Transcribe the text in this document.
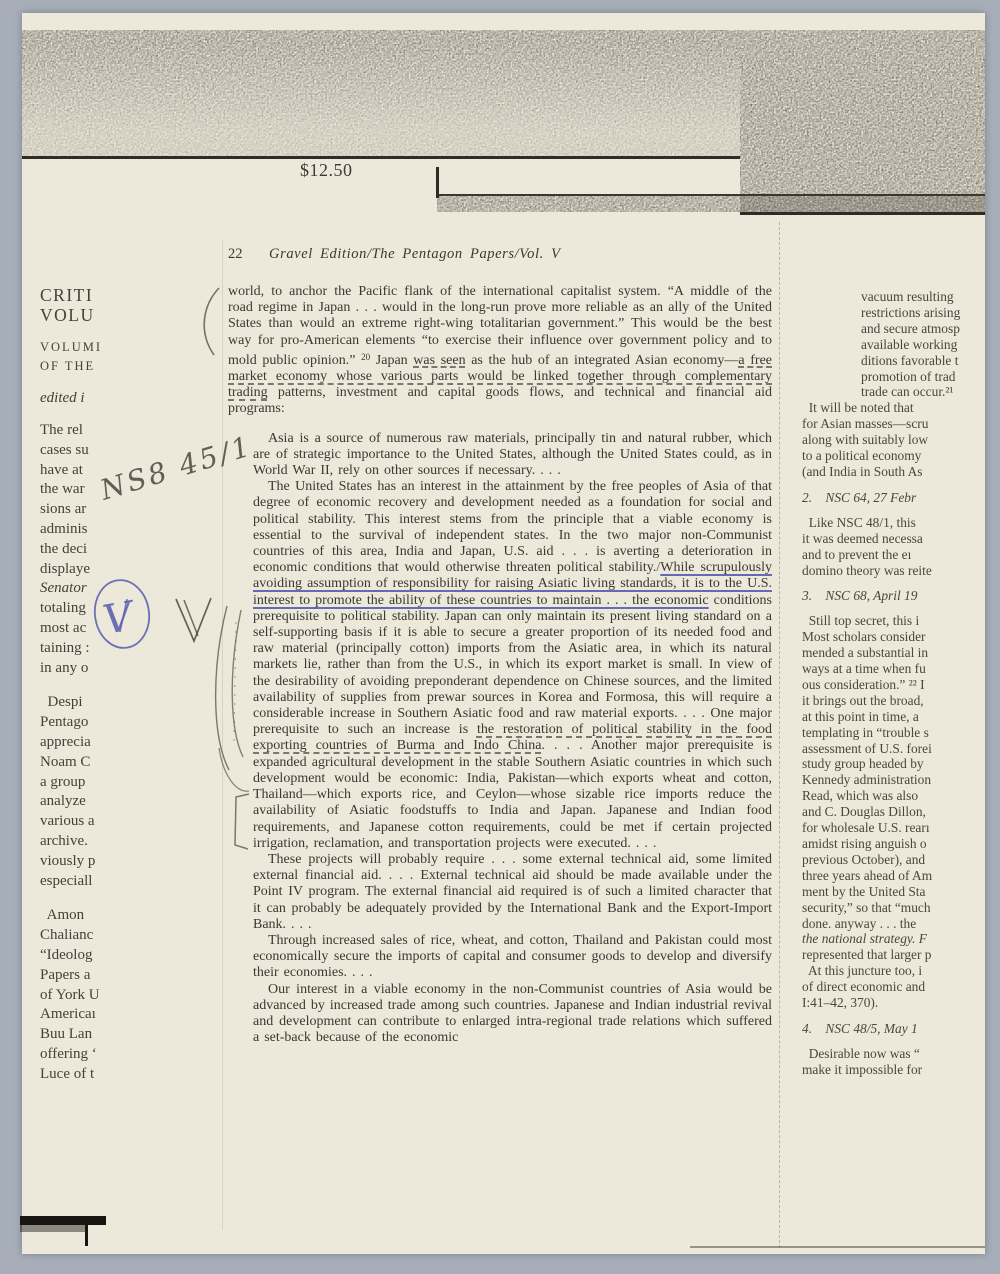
$12.50
CRITI
VOLU
VOLUMI
OF THE
edited i
The rel
cases su
have at
the war
sions ar
adminis
the deci
displaye
Senator
totaling
most ac
taining :
in any o
Despi
Pentago
apprecia
Noam C
a group
analyze
various a
archive.
viously p
especiall
Amon
Chalianc
“Ideolog
Papers a
of York U
Americaı
Buu Lan
offering ‘
Luce of t
vacuum resulting
restrictions arising
and secure atmosp
available working
ditions favorable t
promotion of trad
trade can occur.²¹
It will be noted that
for Asian masses—scru
along with suitably low
to a political economy
(and India in South As
2. NSC 64, 27 Febr
Like NSC 48/1, this
it was deemed necessa
and to prevent the eı
domino theory was reite
3. NSC 68, April 19
Still top secret, this i
Most scholars consider
mended a substantial in
ways at a time when fu
ous consideration.” ²² I
it brings out the broad,
at this point in time, a
templating in “trouble s
assessment of U.S. forei
study group headed by
Kennedy administration
Read, which was also
and C. Douglas Dillon,
for wholesale U.S. rearı
amidst rising anguish o
previous October), and
three years ahead of Am
ment by the United Sta
security,” so that “much
done. anyway . . . the
the national strategy. F
represented that larger p
At this juncture too, i
of direct economic and
I:41–42, 370).
4. NSC 48/5, May 1
Desirable now was “
make it impossible for
22 Gravel Edition/The Pentagon Papers/Vol. V
world, to anchor the Pacific flank of the international capitalist system. “A middle of the road regime in Japan . . . would in the long-run prove more reliable as an ally of the United States than would an extreme right-wing totalitarian government.” This would be the best way for pro-American elements “to exercise their influence over government policy and to mold public opinion.” $^{20}$ Japan was seen as the hub of an integrated Asian economy—a free market economy whose various parts would be linked together through complementary trading patterns, investment and capital goods flows, and technical and financial aid programs:
Asia is a source of numerous raw materials, principally tin and natural rubber, which are of strategic importance to the United States, although the United States could, as in World War II, rely on other sources if necessary. . . .
The United States has an interest in the attainment by the free peoples of Asia of that degree of economic recovery and development needed as a foundation for social and political stability. This interest stems from the principle that a viable economy is essential to the survival of independent states. In the two major non-Communist countries of this area, India and Japan, U.S. aid . . . is averting a deterioration in economic conditions that would otherwise threaten political stability./While scrupulously avoiding assumption of responsibility for raising Asiatic living standards, it is to the U.S. interest to promote the ability of these countries to maintain . . . the economic conditions prerequisite to political stability. Japan can only maintain its present living standard on a self-supporting basis if it is able to secure a greater proportion of its needed food and raw material (principally cotton) imports from the Asiatic area, in which its natural markets lie, rather than from the U.S., in which its export market is small. In view of the desirability of avoiding preponderant dependence on Chinese sources, and the limited availability of supplies from prewar sources in Korea and Formosa, this will require a considerable increase in Southern Asiatic food and raw material exports. . . . One major prerequisite to such an increase is the restoration of political stability in the food exporting countries of Burma and Indo China. . . . Another major prerequisite is expanded agricultural development in the stable Southern Asiatic countries in which such development would be economic: India, Pakistan—which exports wheat and cotton, Thailand—which exports rice, and Ceylon—whose sizable rice imports reduce the availability of Asiatic foodstuffs to India and Japan. Japanese and Indian food requirements, and Japanese cotton requirements, could be met if certain projected irrigation, reclamation, and transportation projects were executed. . . .
These projects will probably require . . . some external technical aid, some limited external financial aid. . . . External technical aid should be made available under the Point IV program. The external financial aid required is of such a limited character that it can probably be adequately provided by the International Bank and the Export-Import Bank. . . .
Through increased sales of rice, wheat, and cotton, Thailand and Pakistan could most economically secure the imports of capital and consumer goods to develop and diversify their economies. . . .
Our interest in a viable economy in the non-Communist countries of Asia would be advanced by increased trade among such countries. Japanese and Indian industrial revival and development can contribute to enlarged intra-regional trade relations which suffered a set-back because of the economic
NS8 45/1
V
